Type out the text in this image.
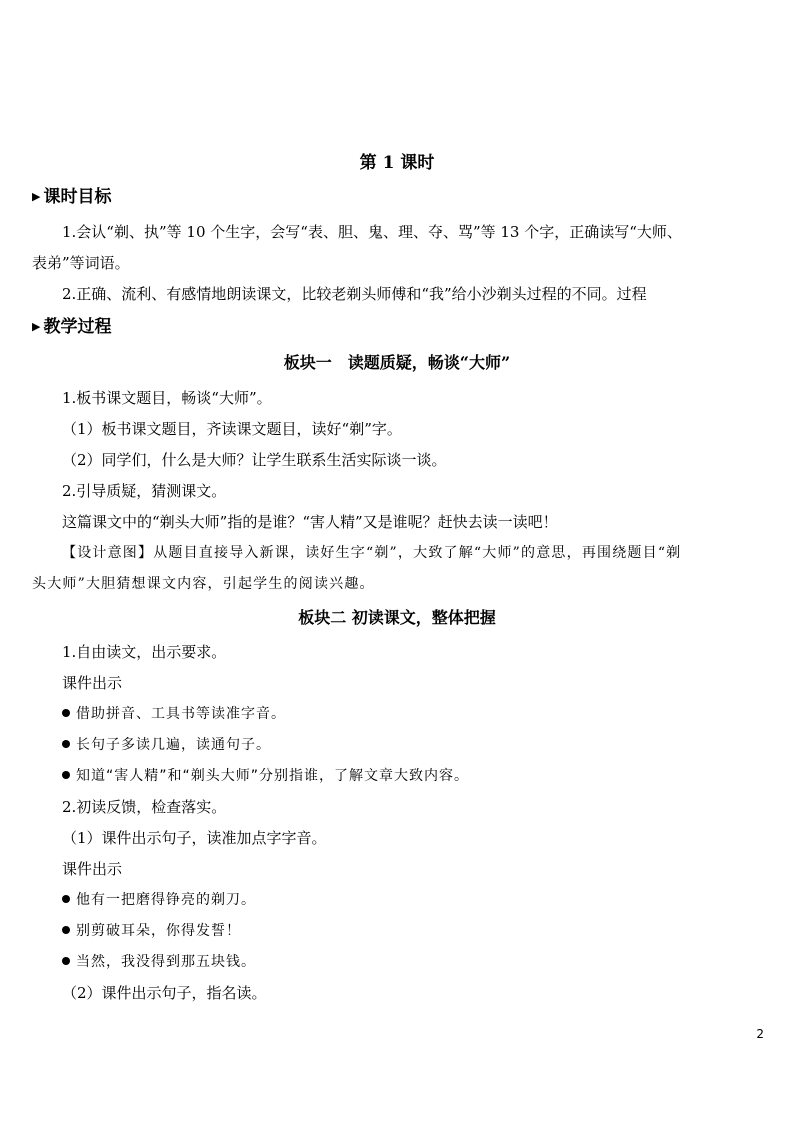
第 1 课时
▶ 课时目标
1.会认“剃、执”等 10 个生字，会写“表、胆、鬼、理、夺、骂”等 13 个字，正确读写“大师、
表弟”等词语。
2.正确、流利、有感情地朗读课文，比较老剃头师傅和“我”给小沙剃头过程的不同。过程
▶ 教学过程
板块一　读题质疑，畅谈“大师”
1.板书课文题目，畅谈“大师”。
（1）板书课文题目，齐读课文题目，读好“剃”字。
（2）同学们，什么是大师？让学生联系生活实际谈一谈。
2.引导质疑，猜测课文。
这篇课文中的“剃头大师”指的是谁？“害人精”又是谁呢？赶快去读一读吧！
【设计意图】从题目直接导入新课，读好生字“剃”，大致了解“大师”的意思，再围绕题目“剃
头大师”大胆猜想课文内容，引起学生的阅读兴趣。
板块二 初读课文，整体把握
1.自由读文，出示要求。
课件出示
借助拼音、工具书等读准字音。
长句子多读几遍，读通句子。
知道“害人精”和“剃头大师”分别指谁，了解文章大致内容。
2.初读反馈，检查落实。
（1）课件出示句子，读准加点字字音。
课件出示
他有一把磨得铮亮的剃刀。
别剪破耳朵，你得发誓！
当然，我没得到那五块钱。
（2）课件出示句子，指名读。
2
